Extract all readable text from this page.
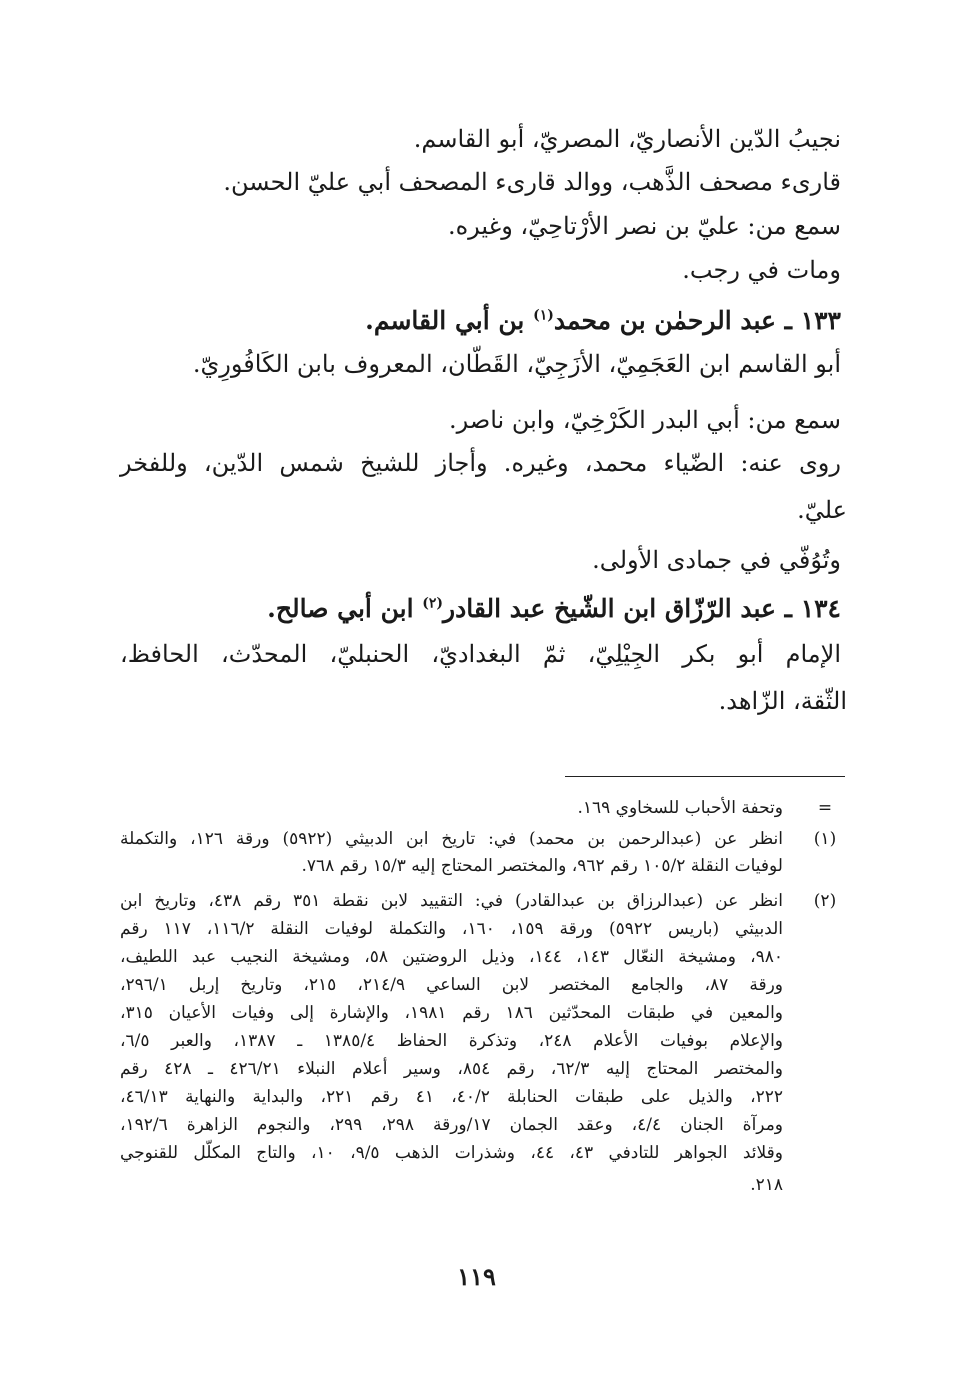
نجيبُ الدّين الأنصاريّ، المصريّ، أبو القاسم.
قارىء مصحف الذَّهب، ووالد قارىء المصحف أبي عليّ الحسن.
سمع من: عليّ بن نصر الأرْتاحِيّ، وغيره.
ومات في رجب.
١٣٣ ـ عبد الرحمٰن بن محمد$^{(١)}$ بن أبي القاسم.
أبو القاسم ابن العَجَمِيّ، الأزَجِيّ، القَطّان، المعروف بابن الكَافُورِيّ.
سمع من: أبي البدر الكَرْخِيّ، وابن ناصر.
روى عنه: الضّياء محمد، وغيره. وأجاز للشيخ شمس الدّين، وللفخر
عليّ.
وتُوُفّي في جمادى الأولى.
١٣٤ ـ عبد الرّزّاق ابن الشّيخ عبد القادر$^{(٢)}$ ابن أبي صالح.
الإمام أبو بكر الجِيْلِيّ، ثمّ البغداديّ، الحنبليّ، المحدّث، الحافظ،
الثّقة، الزّاهد.
=
وتحفة الأحباب للسخاوي ١٦٩.
(١)
انظر عن (عبدالرحمن بن محمد) في: تاريخ ابن الدبيثي (٥٩٢٢) ورقة ١٢٦، والتكملة
لوفيات النقلة ١٠٥/٢ رقم ٩٦٢، والمختصر المحتاج إليه ١٥/٣ رقم ٧٦٨.
(٢)
انظر عن (عبدالرزاق بن عبدالقادر) في: التقييد لابن نقطة ٣٥١ رقم ٤٣٨، وتاريخ ابن
الدبيثي (باريس ٥٩٢٢) ورقة ١٥٩، ١٦٠، والتكملة لوفيات النقلة ١١٦/٢، ١١٧ رقم
٩٨٠، ومشيخة النعّال ١٤٣، ١٤٤، وذيل الروضتين ٥٨، ومشيخة النجيب عبد اللطيف،
ورقة ٨٧، والجامع المختصر لابن الساعي ٢١٤/٩، ٢١٥، وتاريخ إربل ٢٩٦/١،
والمعين في طبقات المحدّثين ١٨٦ رقم ١٩٨١، والإشارة إلى وفيات الأعيان ٣١٥،
والإعلام بوفيات الأعلام ٢٤٨، وتذكرة الحفاظ ١٣٨٥/٤ ـ ١٣٨٧، والعبر ٦/٥،
والمختصر المحتاج إليه ٦٢/٣، رقم ٨٥٤، وسير أعلام النبلاء ٤٢٦/٢١ ـ ٤٢٨ رقم
٢٢٢، والذيل على طبقات الحنابلة ٤٠/٢، ٤١ رقم ٢٢١، والبداية والنهاية ٤٦/١٣،
ومرآة الجنان ٤/٤، وعقد الجمان ١٧/ورقة ٢٩٨، ٢٩٩، والنجوم الزاهرة ١٩٢/٦،
وقلائد الجواهر للتادفي ٤٣، ٤٤، وشذرات الذهب ٩/٥، ١٠، والتاج المكلّل للقنوجي
٢١٨.
١١٩
